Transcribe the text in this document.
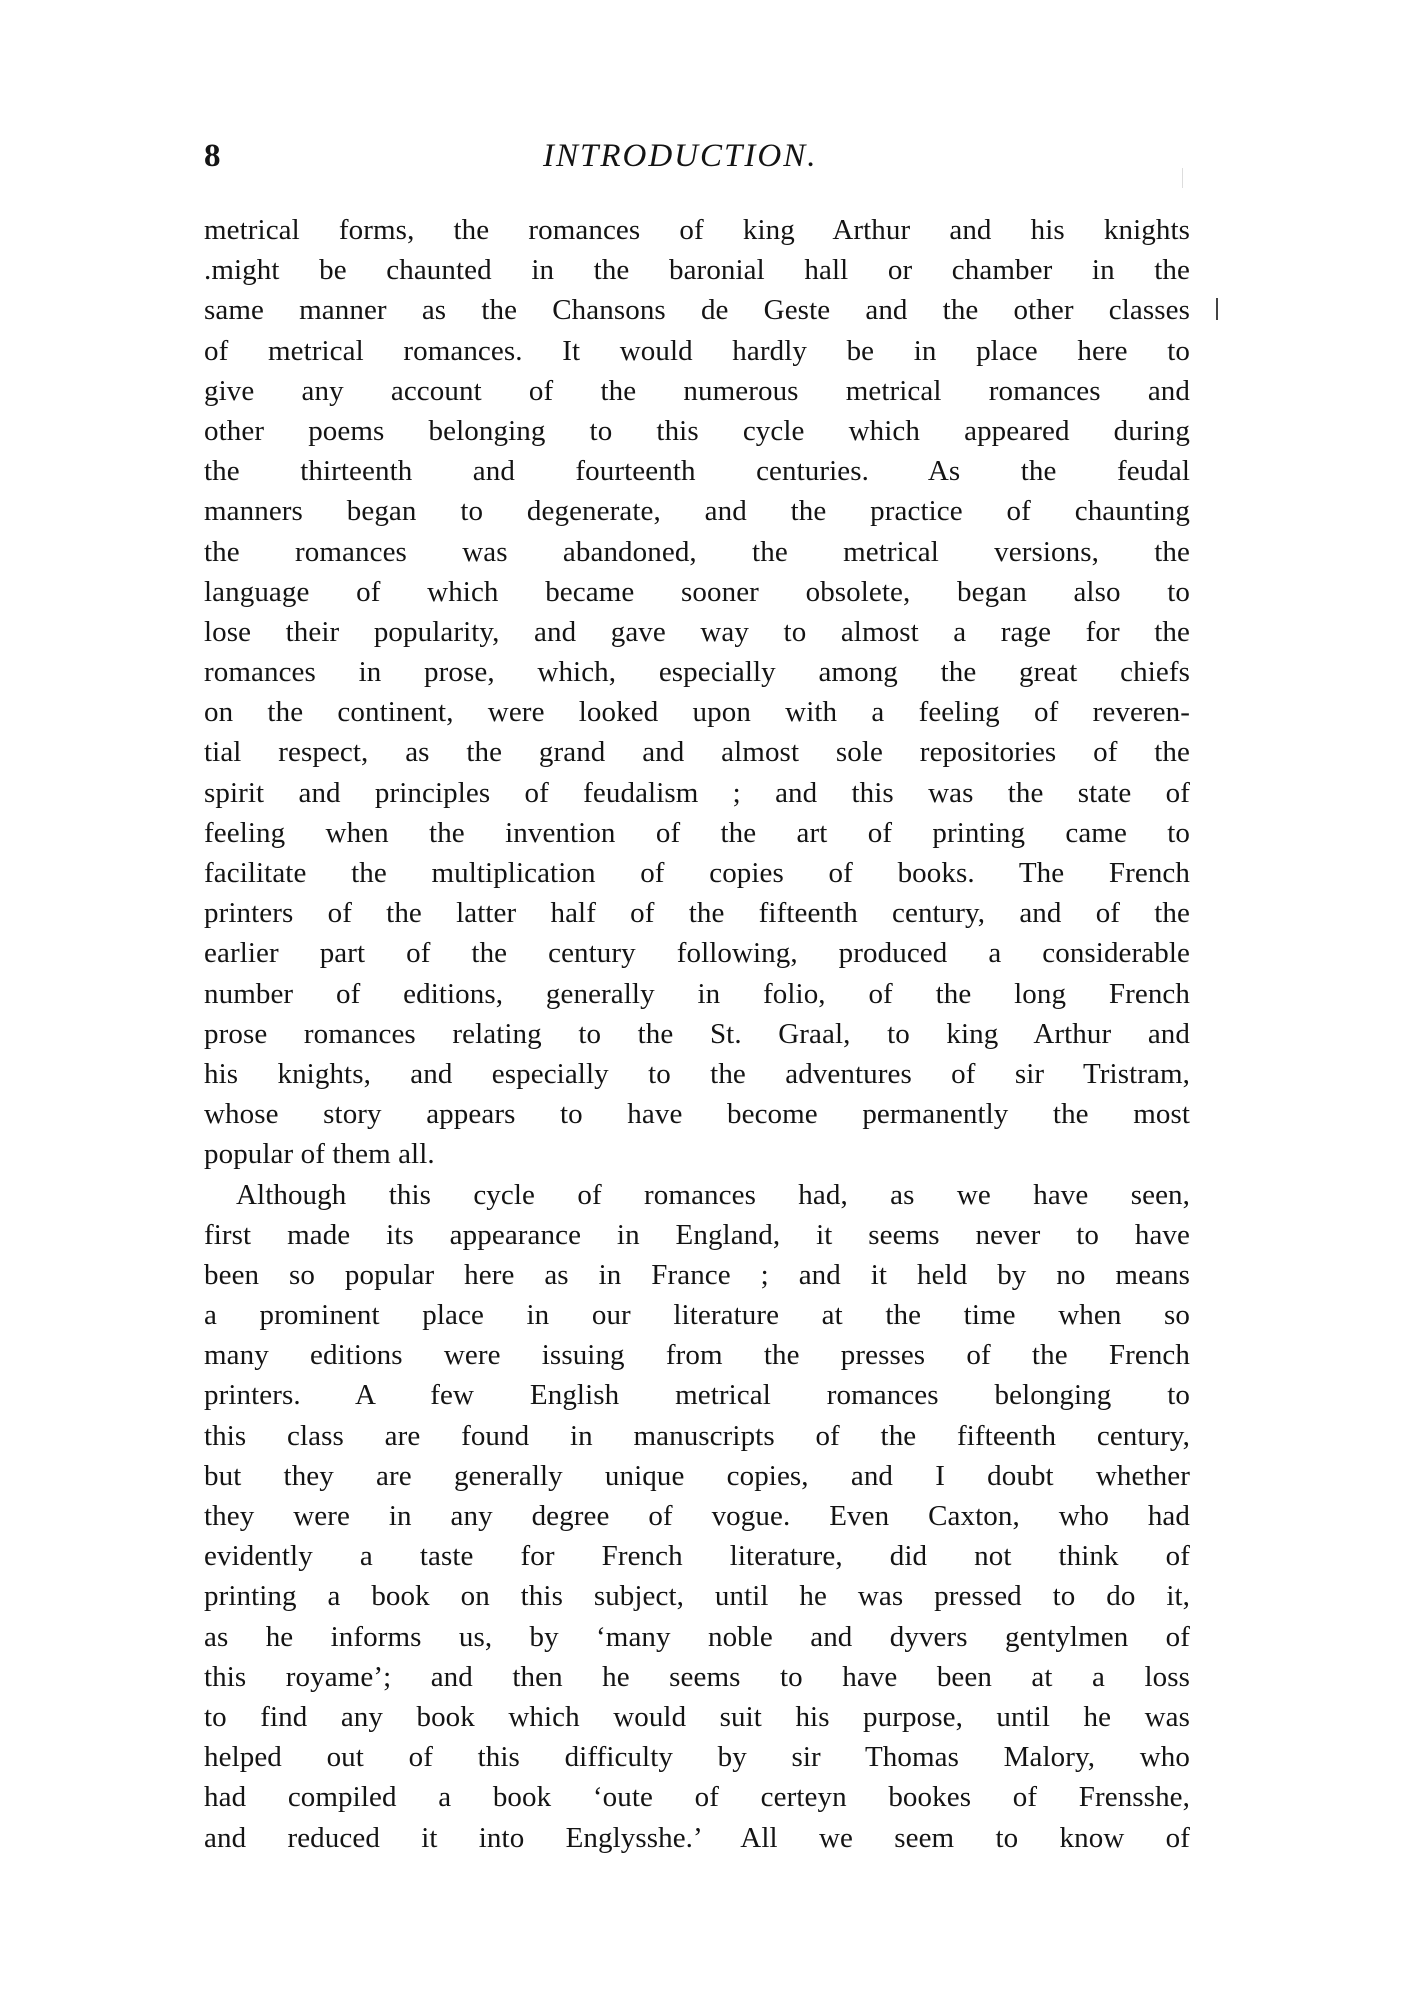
8	INTRODUCTION.
metrical forms, the romances of king Arthur and his knights
.might be chaunted in the baronial hall or chamber in the
same manner as the Chansons de Geste and the other classes
of metrical romances. It would hardly be in place here to
give any account of the numerous metrical romances and
other poems belonging to this cycle which appeared during
the thirteenth and fourteenth centuries. As the feudal
manners began to degenerate, and the practice of chaunting
the romances was abandoned, the metrical versions, the
language of which became sooner obsolete, began also to
lose their popularity, and gave way to almost a rage for the
romances in prose, which, especially among the great chiefs
on the continent, were looked upon with a feeling of reveren-
tial respect, as the grand and almost sole repositories of the
spirit and principles of feudalism ; and this was the state of
feeling when the invention of the art of printing came to
facilitate the multiplication of copies of books. The French
printers of the latter half of the fifteenth century, and of the
earlier part of the century following, produced a considerable
number of editions, generally in folio, of the long French
prose romances relating to the St. Graal, to king Arthur and
his knights, and especially to the adventures of sir Tristram,
whose story appears to have become permanently the most
popular of them all.
Although this cycle of romances had, as we have seen,
first made its appearance in England, it seems never to have
been so popular here as in France ; and it held by no means
a prominent place in our literature at the time when so
many editions were issuing from the presses of the French
printers. A few English metrical romances belonging to
this class are found in manuscripts of the fifteenth century,
but they are generally unique copies, and I doubt whether
they were in any degree of vogue. Even Caxton, who had
evidently a taste for French literature, did not think of
printing a book on this subject, until he was pressed to do it,
as he informs us, by ‘many noble and dyvers gentylmen of
this royame’; and then he seems to have been at a loss
to find any book which would suit his purpose, until he was
helped out of this difficulty by sir Thomas Malory, who
had compiled a book ‘oute of certeyn bookes of Frensshe,
and reduced it into Englysshe.’ All we seem to know of
